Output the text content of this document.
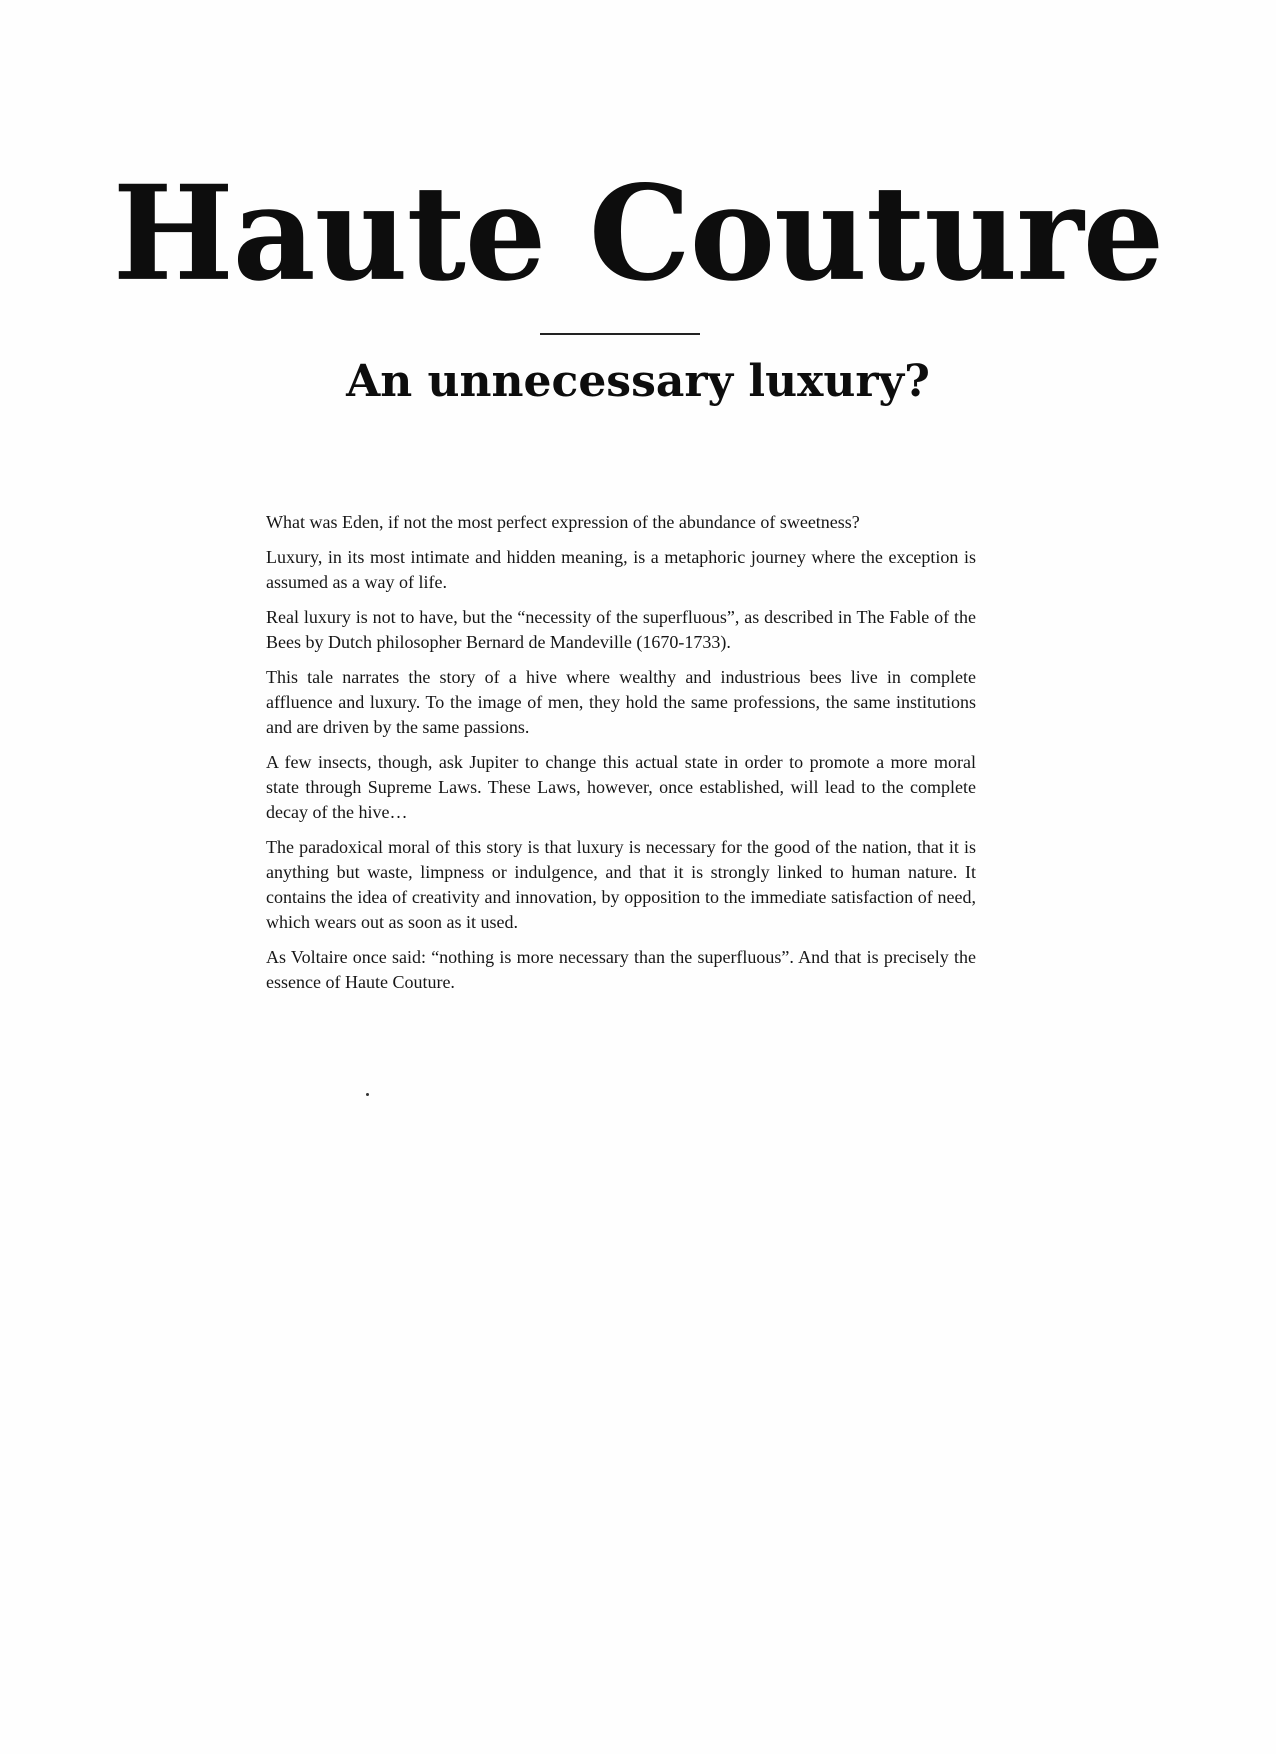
Haute Couture
An unnecessary luxury?

What was Eden, if not the most perfect expression of the abundance of sweetness?

Luxury, in its most intimate and hidden meaning, is a metaphoric journey where the exception is assumed as a way of life.

Real luxury is not to have, but the “necessity of the superfluous”, as described in The Fable of the Bees by Dutch philosopher Bernard de Mandeville (1670-1733).

This tale narrates the story of a hive where wealthy and industrious bees live in complete affluence and luxury. To the image of men, they hold the same professions, the same institutions and are driven by the same passions.

A few insects, though, ask Jupiter to change this actual state in order to promote a more moral state through Supreme Laws. These Laws, however, once established, will lead to the complete decay of the hive…

The paradoxical moral of this story is that luxury is necessary for the good of the nation, that it is anything but waste, limpness or indulgence, and that it is strongly linked to human nature. It contains the idea of creativity and innovation, by opposition to the immediate satisfaction of need, which wears out as soon as it used.

As Voltaire once said: “nothing is more necessary than the superfluous”. And that is precisely the essence of Haute Couture.
